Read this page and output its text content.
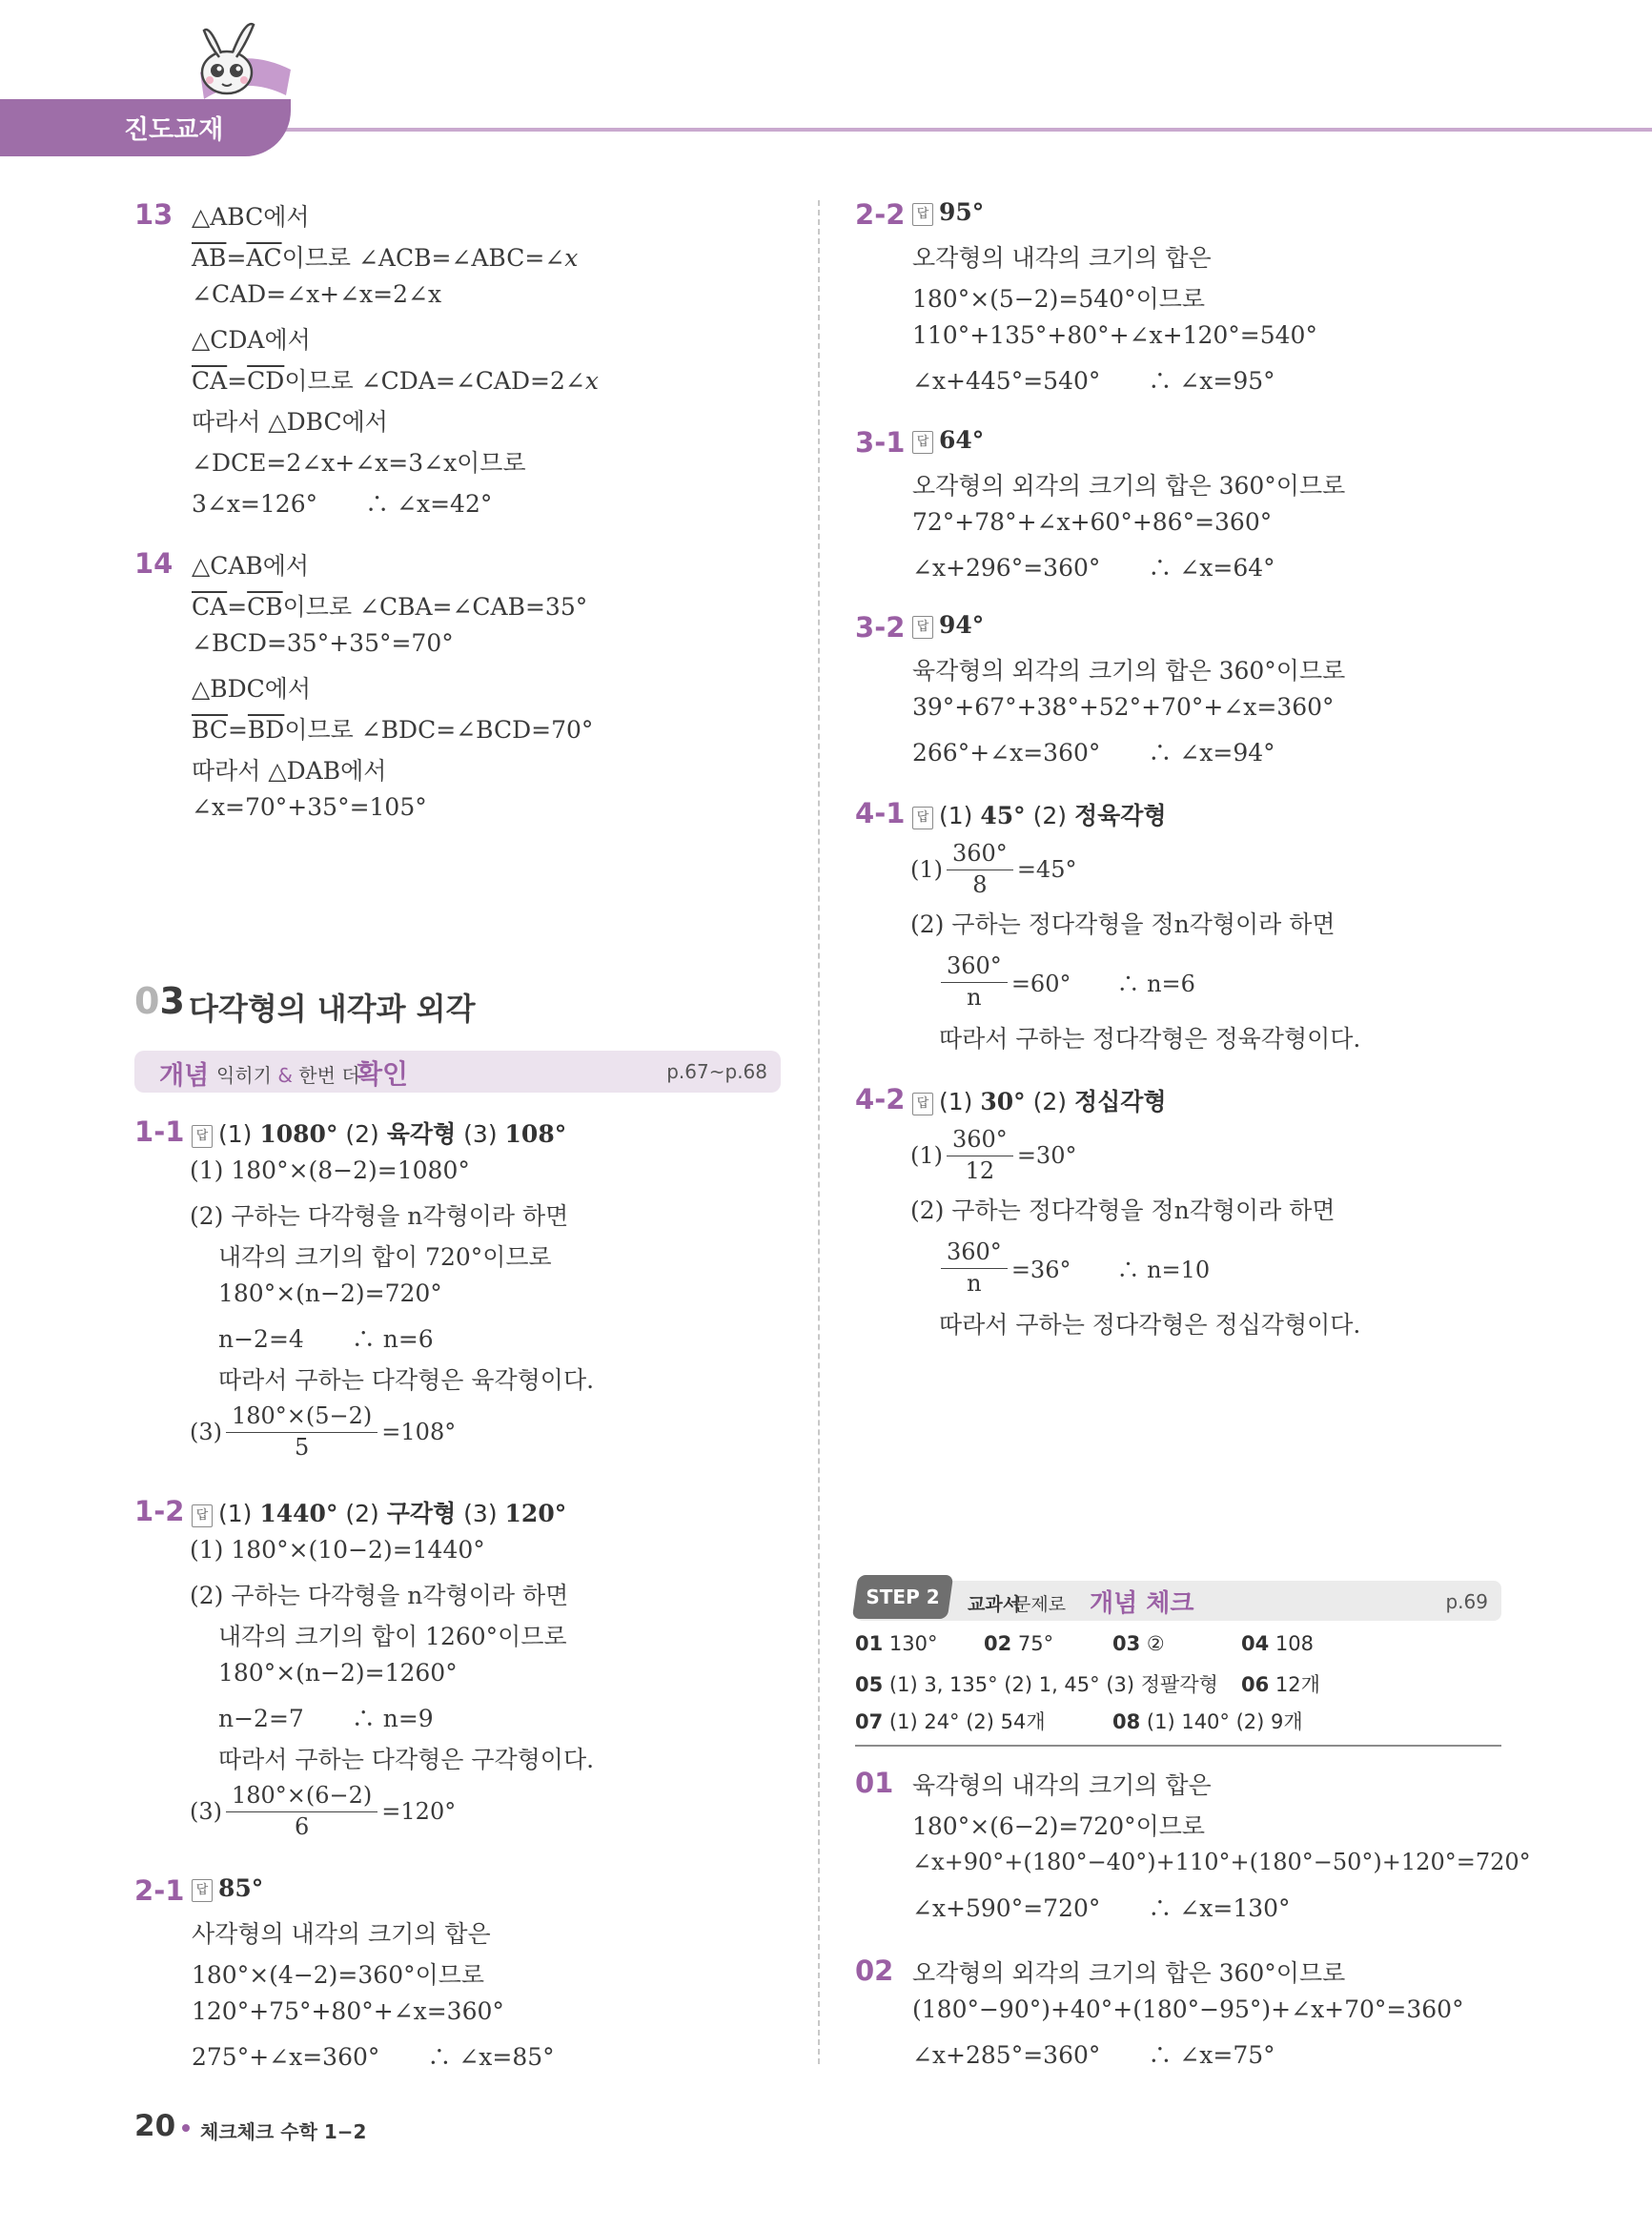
진도교재
13 △ABC에서
$\overline{AB}=\overline{AC}$이므로 ∠ACB=∠ABC=∠x
∠CAD=∠x+∠x=2∠x
△CDA에서
$\overline{CA}=\overline{CD}$이므로 ∠CDA=∠CAD=2∠x
따라서 △DBC에서
∠DCE=2∠x+∠x=3∠x이므로
3∠x=126°　　∴ ∠x=42°
14 △CAB에서
$\overline{CA}=\overline{CB}$이므로 ∠CBA=∠CAB=35°
∠BCD=35°+35°=70°
△BDC에서
$\overline{BC}=\overline{BD}$이므로 ∠BDC=∠BCD=70°
따라서 △DAB에서
∠x=70°+35°=105°
03 다각형의 내각과 외각
개념 익히기 & 한번 더
확인	p.67~p.68
1-1 답 (1) 1080° (2) 육각형 (3) 108°
(1) 180°×(8−2)=1080°
(2) 구하는 다각형을 n각형이라 하면
내각의 크기의 합이 720°이므로
180°×(n−2)=720°
n−2=4　　∴ n=6
따라서 구하는 다각형은 육각형이다.
$(3) \frac{180^\circ\times(5-2)}{5} =108^\circ$
1-2 답 (1) 1440° (2) 구각형 (3) 120°
(1) 180°×(10−2)=1440°
(2) 구하는 다각형을 n각형이라 하면
내각의 크기의 합이 1260°이므로
180°×(n−2)=1260°
n−2=7　　∴ n=9
따라서 구하는 다각형은 구각형이다.
$(3) \frac{180^\circ\times(6-2)}{6} =120^\circ$
2-1 답 85°
사각형의 내각의 크기의 합은
180°×(4−2)=360°이므로
120°+75°+80°+∠x=360°
275°+∠x=360°　　∴ ∠x=85°
2-2 답 95°
오각형의 내각의 크기의 합은
180°×(5−2)=540°이므로
110°+135°+80°+∠x+120°=540°
∠x+445°=540°　　∴ ∠x=95°
3-1 답 64°
오각형의 외각의 크기의 합은 360°이므로
72°+78°+∠x+60°+86°=360°
∠x+296°=360°　　∴ ∠x=64°
3-2 답 94°
육각형의 외각의 크기의 합은 360°이므로
39°+67°+38°+52°+70°+∠x=360°
266°+∠x=360°　　∴ ∠x=94°
4-1 답 (1) 45° (2) 정육각형
$(1) \frac{360^\circ}{8} =45^\circ$
(2) 구하는 정다각형을 정n각형이라 하면
$\frac{360^\circ}{n} =60^\circ$　　∴ n=6
따라서 구하는 정다각형은 정육각형이다.
4-2 답 (1) 30° (2) 정십각형
$(1) \frac{360^\circ}{12} =30^\circ$
(2) 구하는 정다각형을 정n각형이라 하면
$\frac{360^\circ}{n} =36^\circ$　　∴ n=10
따라서 구하는 정다각형은 정십각형이다.
STEP 2	교과서
문제로 개념 체크	p.69
01 130° 02 75°	03 ②	04 108
05 (1) 3, 135° (2) 1, 45° (3) 정팔각형 06 12개
07 (1) 24° (2) 54개	08 (1) 140° (2) 9개
01 육각형의 내각의 크기의 합은
180°×(6−2)=720°이므로
∠x+90°+(180°−40°)+110°+(180°−50°)+120°=720°
∠x+590°=720°　　∴ ∠x=130°
02 오각형의 외각의 크기의 합은 360°이므로
(180°−90°)+40°+(180°−95°)+∠x+70°=360°
∠x+285°=360°　　∴ ∠x=75°
20 체크체크 수학 1−2
